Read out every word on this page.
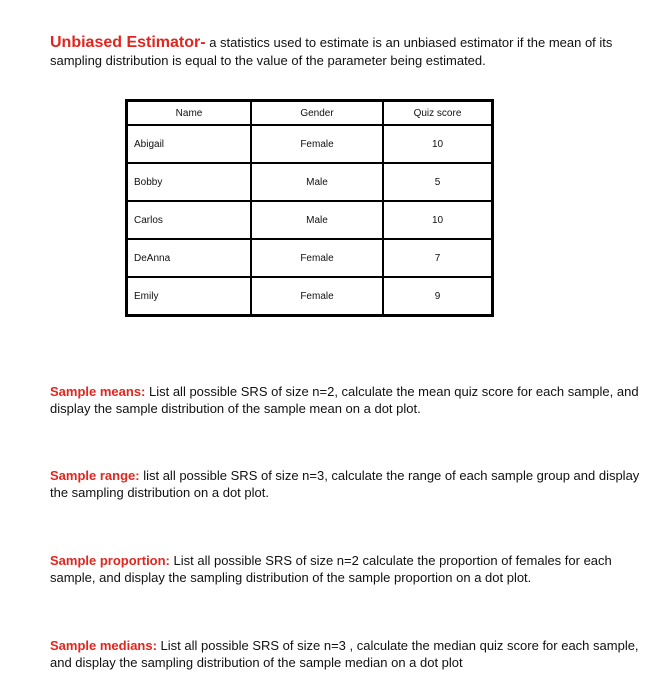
Unbiased Estimator- a statistics used to estimate is an unbiased estimator if the mean of its sampling distribution is equal to the value of the parameter being estimated.

Name	Gender	Quiz score
Abigail	Female	10
Bobby	Male	5
Carlos	Male	10
DeAnna	Female	7
Emily	Female	9

Sample means: List all possible SRS of size n=2, calculate the mean quiz score for each sample, and display the sample distribution of the sample mean on a dot plot.

Sample range: list all possible SRS of size n=3, calculate the range of each sample group and display the sampling distribution on a dot plot.

Sample proportion: List all possible SRS of size n=2 calculate the proportion of females for each sample, and display the sampling distribution of the sample proportion on a dot plot.

Sample medians: List all possible SRS of size n=3 , calculate the median quiz score for each sample, and display the sampling distribution of the sample median on a dot plot
